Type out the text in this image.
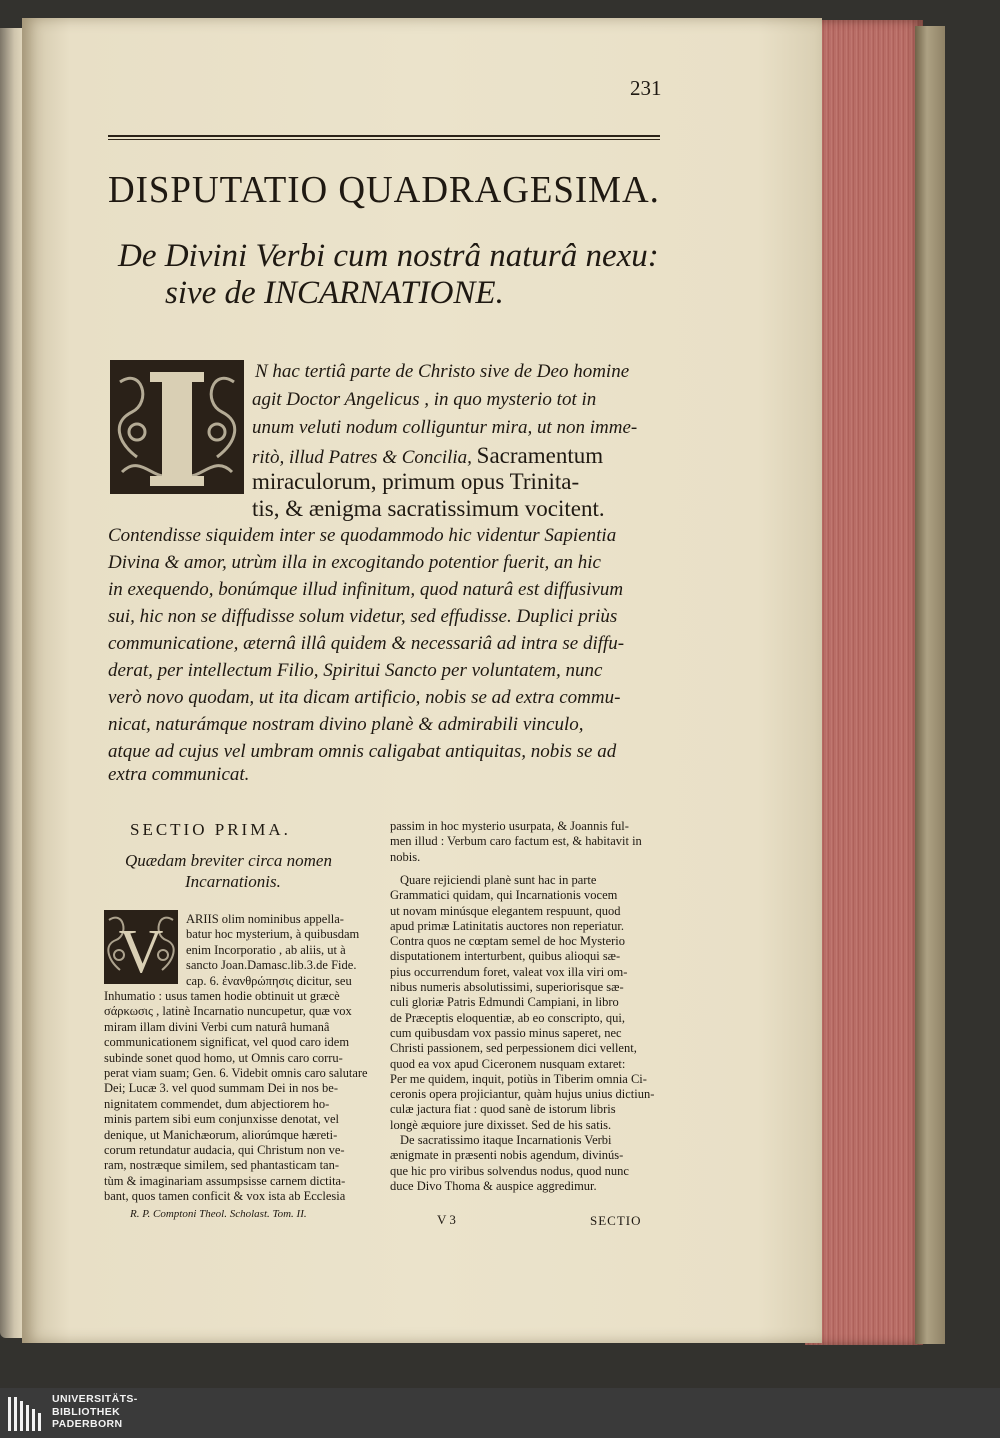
231
DISPUTATIO QUADRAGESIMA.
De Divini Verbi cum nostrâ naturâ nexu:
sive de INCARNATIONE.
N hac tertiâ parte de Christo sive de Deo homine
agit Doctor Angelicus , in quo mysterio tot in
unum veluti nodum colliguntur mira, ut non imme-
ritò, illud Patres & Concilia, Sacramentum
miraculorum, primum opus Trinita-
tis, & ænigma sacratissimum vocitent.
Contendisse siquidem inter se quodammodo hic videntur Sapientia
Divina & amor, utrùm illa in excogitando potentior fuerit, an hic
in exequendo, bonúmque illud infinitum, quod naturâ est diffusivum
sui, hic non se diffudisse solum videtur, sed effudisse. Duplici priùs
communicatione, æternâ illâ quidem & necessariâ ad intra se diffu-
derat, per intellectum Filio, Spiritui Sancto per voluntatem, nunc
verò novo quodam, ut ita dicam artificio, nobis se ad extra commu-
nicat, naturámque nostram divino planè & admirabili vinculo,
atque ad cujus vel umbram omnis caligabat antiquitas, nobis se ad
extra communicat.
SECTIO PRIMA.
Quædam breviter circa nomen
Incarnationis.
V ARIIS olim nominibus appella-
batur hoc mysterium, à quibusdam
enim Incorporatio , ab aliis, ut à
sancto Joan.Damasc.lib.3.de Fide.
cap. 6. ἐνανθρώπησις dicitur, seu
Inhumatio : usus tamen hodie obtinuit ut græcè
σάρκωσις , latinè Incarnatio nuncupetur, quæ vox
miram illam divini Verbi cum naturâ humanâ
communicationem significat, vel quod caro idem
subinde sonet quod homo, ut Omnis caro corru-
perat viam suam; Gen. 6. Videbit omnis caro salutare
Dei; Lucæ 3. vel quod summam Dei in nos be-
nignitatem commendet, dum abjectiorem ho-
minis partem sibi eum conjunxisse denotat, vel
denique, ut Manichæorum, aliorúmque hæreti-
corum retundatur audacia, qui Christum non ve-
ram, nostræque similem, sed phantasticam tan-
tùm & imaginariam assumpsisse carnem dictita-
bant, quos tamen conficit & vox ista ab Ecclesia
passim in hoc mysterio usurpata, & Joannis ful-
men illud : Verbum caro factum est, & habitavit in
nobis.
Quare rejiciendi planè sunt hac in parte
Grammatici quidam, qui Incarnationis vocem
ut novam minúsque elegantem respuunt, quod
apud primæ Latinitatis auctores non reperiatur.
Contra quos ne cœptam semel de hoc Mysterio
disputationem interturbent, quibus alioqui sæ-
pius occurrendum foret, valeat vox illa viri om-
nibus numeris absolutissimi, superiorisque sæ-
culi gloriæ Patris Edmundi Campiani, in libro
de Præceptis eloquentiæ, ab eo conscripto, qui,
cum quibusdam vox passio minus saperet, nec
Christi passionem, sed perpessionem dici vellent,
quod ea vox apud Ciceronem nusquam extaret:
Per me quidem, inquit, potiùs in Tiberim omnia Ci-
ceronis opera projiciantur, quàm hujus unius dictiun-
culæ jactura fiat : quod sanè de istorum libris
longè æquiore jure dixisset. Sed de his satis.
De sacratissimo itaque Incarnationis Verbi
ænigmate in præsenti nobis agendum, divinús-
que hic pro viribus solvendus nodus, quod nunc
duce Divo Thoma & auspice aggredimur.
R. P. Comptoni Theol. Scholast. Tom. II.	V 3	SECTIO
UNIVERSITÄTS-
BIBLIOTHEK
PADERBORN
